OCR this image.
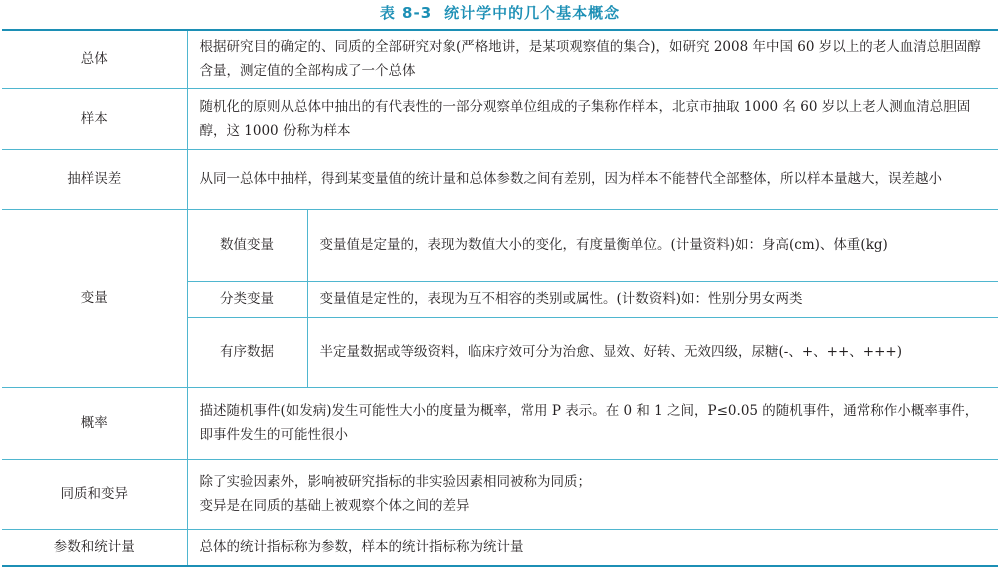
表 8-3 统计学中的几个基本概念
总体	根据研究目的确定的、同质的全部研究对象(严格地讲，是某项观察值的集合)，如研究 2008 年中国 60 岁以上的老人血清总胆固醇含量，测定值的全部构成了一个总体	
样本	随机化的原则从总体中抽出的有代表性的一部分观察单位组成的子集称作样本，北京市抽取 1000 名 60 岁以上老人测血清总胆固醇，这 1000 份称为样本	
抽样误差	从同一总体中抽样，得到某变量值的统计量和总体参数之间有差别，因为样本不能替代全部整体，所以样本量越大，误差越小	
变量	数值变量	变量值是定量的，表现为数值大小的变化，有度量衡单位。(计量资料)如：身高(cm)、体重(kg)
	分类变量	变量值是定性的，表现为互不相容的类别或属性。(计数资料)如：性别分男女两类
	有序数据	半定量数据或等级资料，临床疗效可分为治愈、显效、好转、无效四级，尿糖(-、+、++、+++)
概率	描述随机事件(如发病)发生可能性大小的度量为概率，常用 P 表示。在 0 和 1 之间，P≤0.05 的随机事件，通常称作小概率事件，即事件发生的可能性很小	
同质和变异	除了实验因素外，影响被研究指标的非实验因素相同被称为同质；
变异是在同质的基础上被观察个体之间的差异	

参数和统计量	总体的统计指标称为参数，样本的统计指标称为统计量	
